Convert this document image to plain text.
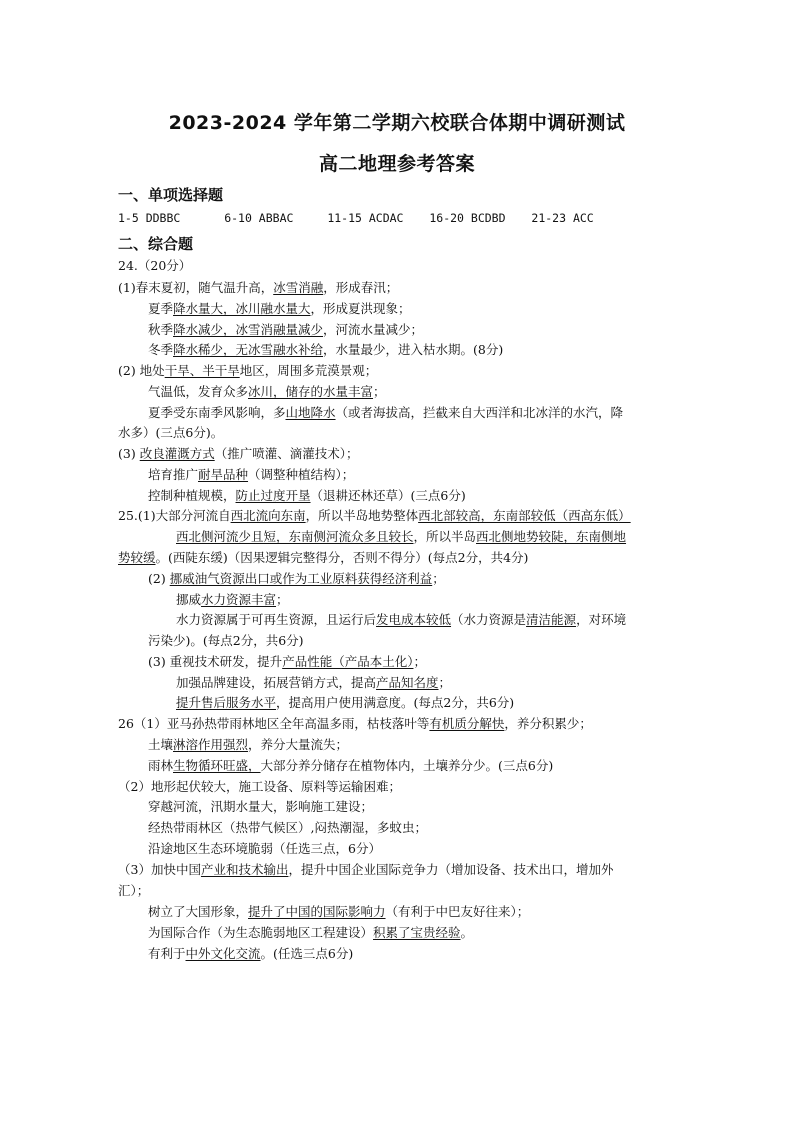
2023-2024 学年第二学期六校联合体期中调研测试
高二地理参考答案
一、单项选择题
1-5 DDBBC	6-10 ABBAC	11-15 ACDAC 16-20 BCDBD 21-23 ACC
二、综合题
24.（20分）
(1)春末夏初，随气温升高，冰雪消融，形成春汛；
夏季降水量大，冰川融水量大，形成夏洪现象；
秋季降水减少，冰雪消融量减少，河流水量减少；
冬季降水稀少，无冰雪融水补给，水量最少，进入枯水期。(8分)
(2) 地处干旱、半干旱地区，周围多荒漠景观；
气温低，发育众多冰川，储存的水量丰富；
夏季受东南季风影响，多山地降水（或者海拔高，拦截来自大西洋和北冰洋的水汽，降
水多）(三点6分)。
(3) 改良灌溉方式（推广喷灌、滴灌技术）；
培育推广耐旱品种（调整种植结构）；
控制种植规模，防止过度开垦（退耕还林还草）(三点6分)
25.(1)大部分河流自西北流向东南，所以半岛地势整体西北部较高，东南部较低（西高东低）
西北侧河流少且短，东南侧河流众多且较长，所以半岛西北侧地势较陡，东南侧地
势较缓。(西陡东缓)（因果逻辑完整得分，否则不得分）(每点2分，共4分)
(2) 挪威油气资源出口或作为工业原料获得经济利益；
挪威水力资源丰富；
水力资源属于可再生资源，且运行后发电成本较低（水力资源是清洁能源，对环境
污染少)。(每点2分，共6分)
(3) 重视技术研发，提升产品性能（产品本土化）；
加强品牌建设，拓展营销方式，提高产品知名度；
提升售后服务水平，提高用户使用满意度。(每点2分，共6分)
26（1）亚马孙热带雨林地区全年高温多雨，枯枝落叶等有机质分解快，养分积累少；
土壤淋溶作用强烈，养分大量流失；
雨林生物循环旺盛，大部分养分储存在植物体内，土壤养分少。(三点6分)
（2）地形起伏较大，施工设备、原料等运输困难；
穿越河流，汛期水量大，影响施工建设；
经热带雨林区（热带气候区）,闷热潮湿，多蚊虫；
沿途地区生态环境脆弱（任选三点，6分）
（3）加快中国产业和技术输出，提升中国企业国际竞争力（增加设备、技术出口，增加外
汇）；
树立了大国形象，提升了中国的国际影响力（有利于中巴友好往来）；
为国际合作（为生态脆弱地区工程建设）积累了宝贵经验。
有利于中外文化交流。(任选三点6分)
